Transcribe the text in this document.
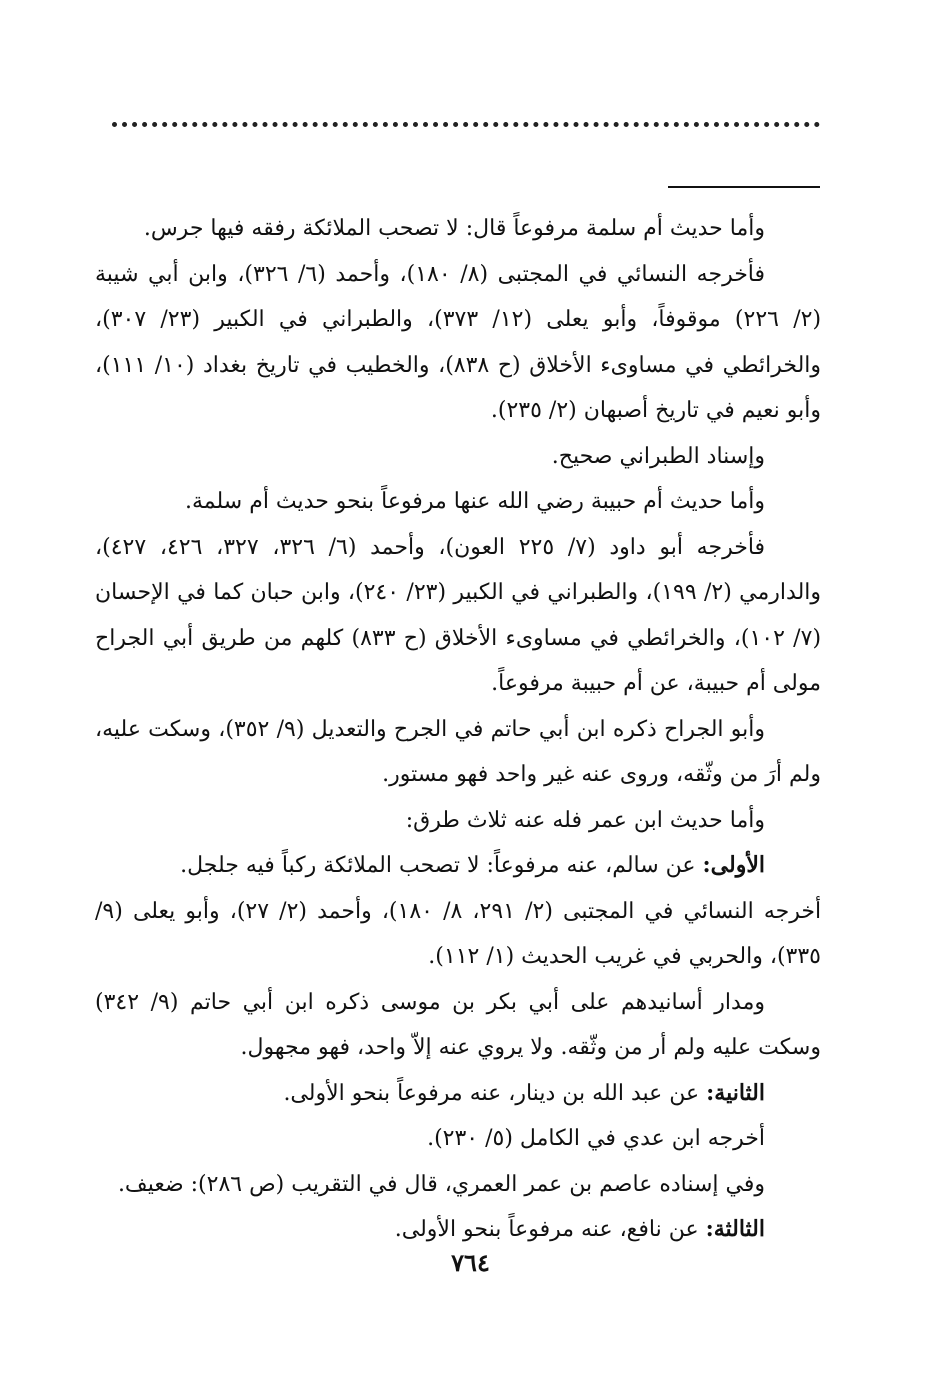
وأما حديث أم سلمة مرفوعاً قال: لا تصحب الملائكة رفقه فيها جرس.

فأخرجه النسائي في المجتبى (٨/ ١٨٠)، وأحمد (٦/ ٣٢٦)، وابن أبي شيبة (٢/ ٢٢٦) موقوفاً، وأبو يعلى (١٢/ ٣٧٣)، والطبراني في الكبير (٢٣/ ٣٠٧)، والخرائطي في مساوىء الأخلاق (ح ٨٣٨)، والخطيب في تاريخ بغداد (١٠/ ١١١)، وأبو نعيم في تاريخ أصبهان (٢/ ٢٣٥).

وإسناد الطبراني صحيح.

وأما حديث أم حبيبة رضي الله عنها مرفوعاً بنحو حديث أم سلمة.

فأخرجه أبو داود (٧/ ٢٢٥ العون)، وأحمد (٦/ ٣٢٦، ٣٢٧، ٤٢٦، ٤٢٧)، والدارمي (٢/ ١٩٩)، والطبراني في الكبير (٢٣/ ٢٤٠)، وابن حبان كما في الإحسان (٧/ ١٠٢)، والخرائطي في مساوىء الأخلاق (ح ٨٣٣) كلهم من طريق أبي الجراح مولى أم حبيبة، عن أم حبيبة مرفوعاً.

وأبو الجراح ذكره ابن أبي حاتم في الجرح والتعديل (٩/ ٣٥٢)، وسكت عليه، ولم أرَ من وثّقه، وروى عنه غير واحد فهو مستور.

وأما حديث ابن عمر فله عنه ثلاث طرق:

الأولى: عن سالم، عنه مرفوعاً: لا تصحب الملائكة ركباً فيه جلجل.

أخرجه النسائي في المجتبى (٢/ ٢٩١، ٨/ ١٨٠)، وأحمد (٢/ ٢٧)، وأبو يعلى (٩/ ٣٣٥)، والحربي في غريب الحديث (١/ ١١٢).

ومدار أسانيدهم على أبي بكر بن موسى ذكره ابن أبي حاتم (٩/ ٣٤٢) وسكت عليه ولم أر من وثّقه. ولا يروي عنه إلاّ واحد، فهو مجهول.

الثانية: عن عبد الله بن دينار، عنه مرفوعاً بنحو الأولى.

أخرجه ابن عدي في الكامل (٥/ ٢٣٠).

وفي إسناده عاصم بن عمر العمري، قال في التقريب (ص ٢٨٦): ضعيف.

الثالثة: عن نافع، عنه مرفوعاً بنحو الأولى.

٧٦٤
